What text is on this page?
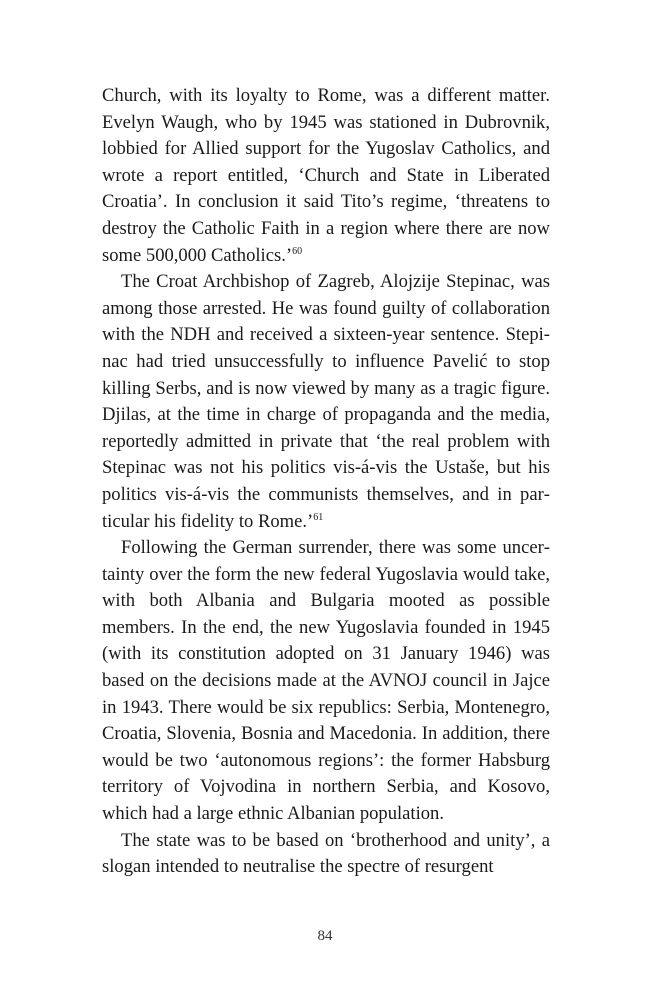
Church, with its loyalty to Rome, was a different matter. Evelyn Waugh, who by 1945 was stationed in Dubrovnik, lobbied for Allied support for the Yugoslav Catholics, and wrote a report entitled, ‘Church and State in Liberated Croatia’. In conclusion it said Tito’s regime, ‘threatens to destroy the Catholic Faith in a region where there are now some 500,000 Catholics.’$^{60}$

The Croat Archbishop of Zagreb, Alojzije Stepinac, was among those arrested. He was found guilty of collaboration with the NDH and received a sixteen-year sentence. Stepinac had tried unsuccessfully to influence Pavelić to stop killing Serbs, and is now viewed by many as a tragic figure. Djilas, at the time in charge of propaganda and the media, reportedly admitted in private that ‘the real problem with Stepinac was not his politics vis-á-vis the Ustaše, but his politics vis-á-vis the communists themselves, and in particular his fidelity to Rome.’$^{61}$

Following the German surrender, there was some uncertainty over the form the new federal Yugoslavia would take, with both Albania and Bulgaria mooted as possible members. In the end, the new Yugoslavia founded in 1945 (with its constitution adopted on 31 January 1946) was based on the decisions made at the AVNOJ council in Jajce in 1943. There would be six republics: Serbia, Montenegro, Croatia, Slovenia, Bosnia and Macedonia. In addition, there would be two ‘autonomous regions’: the former Habsburg territory of Vojvodina in northern Serbia, and Kosovo, which had a large ethnic Albanian population.

The state was to be based on ‘brotherhood and unity’, a slogan intended to neutralise the spectre of resurgent

84
